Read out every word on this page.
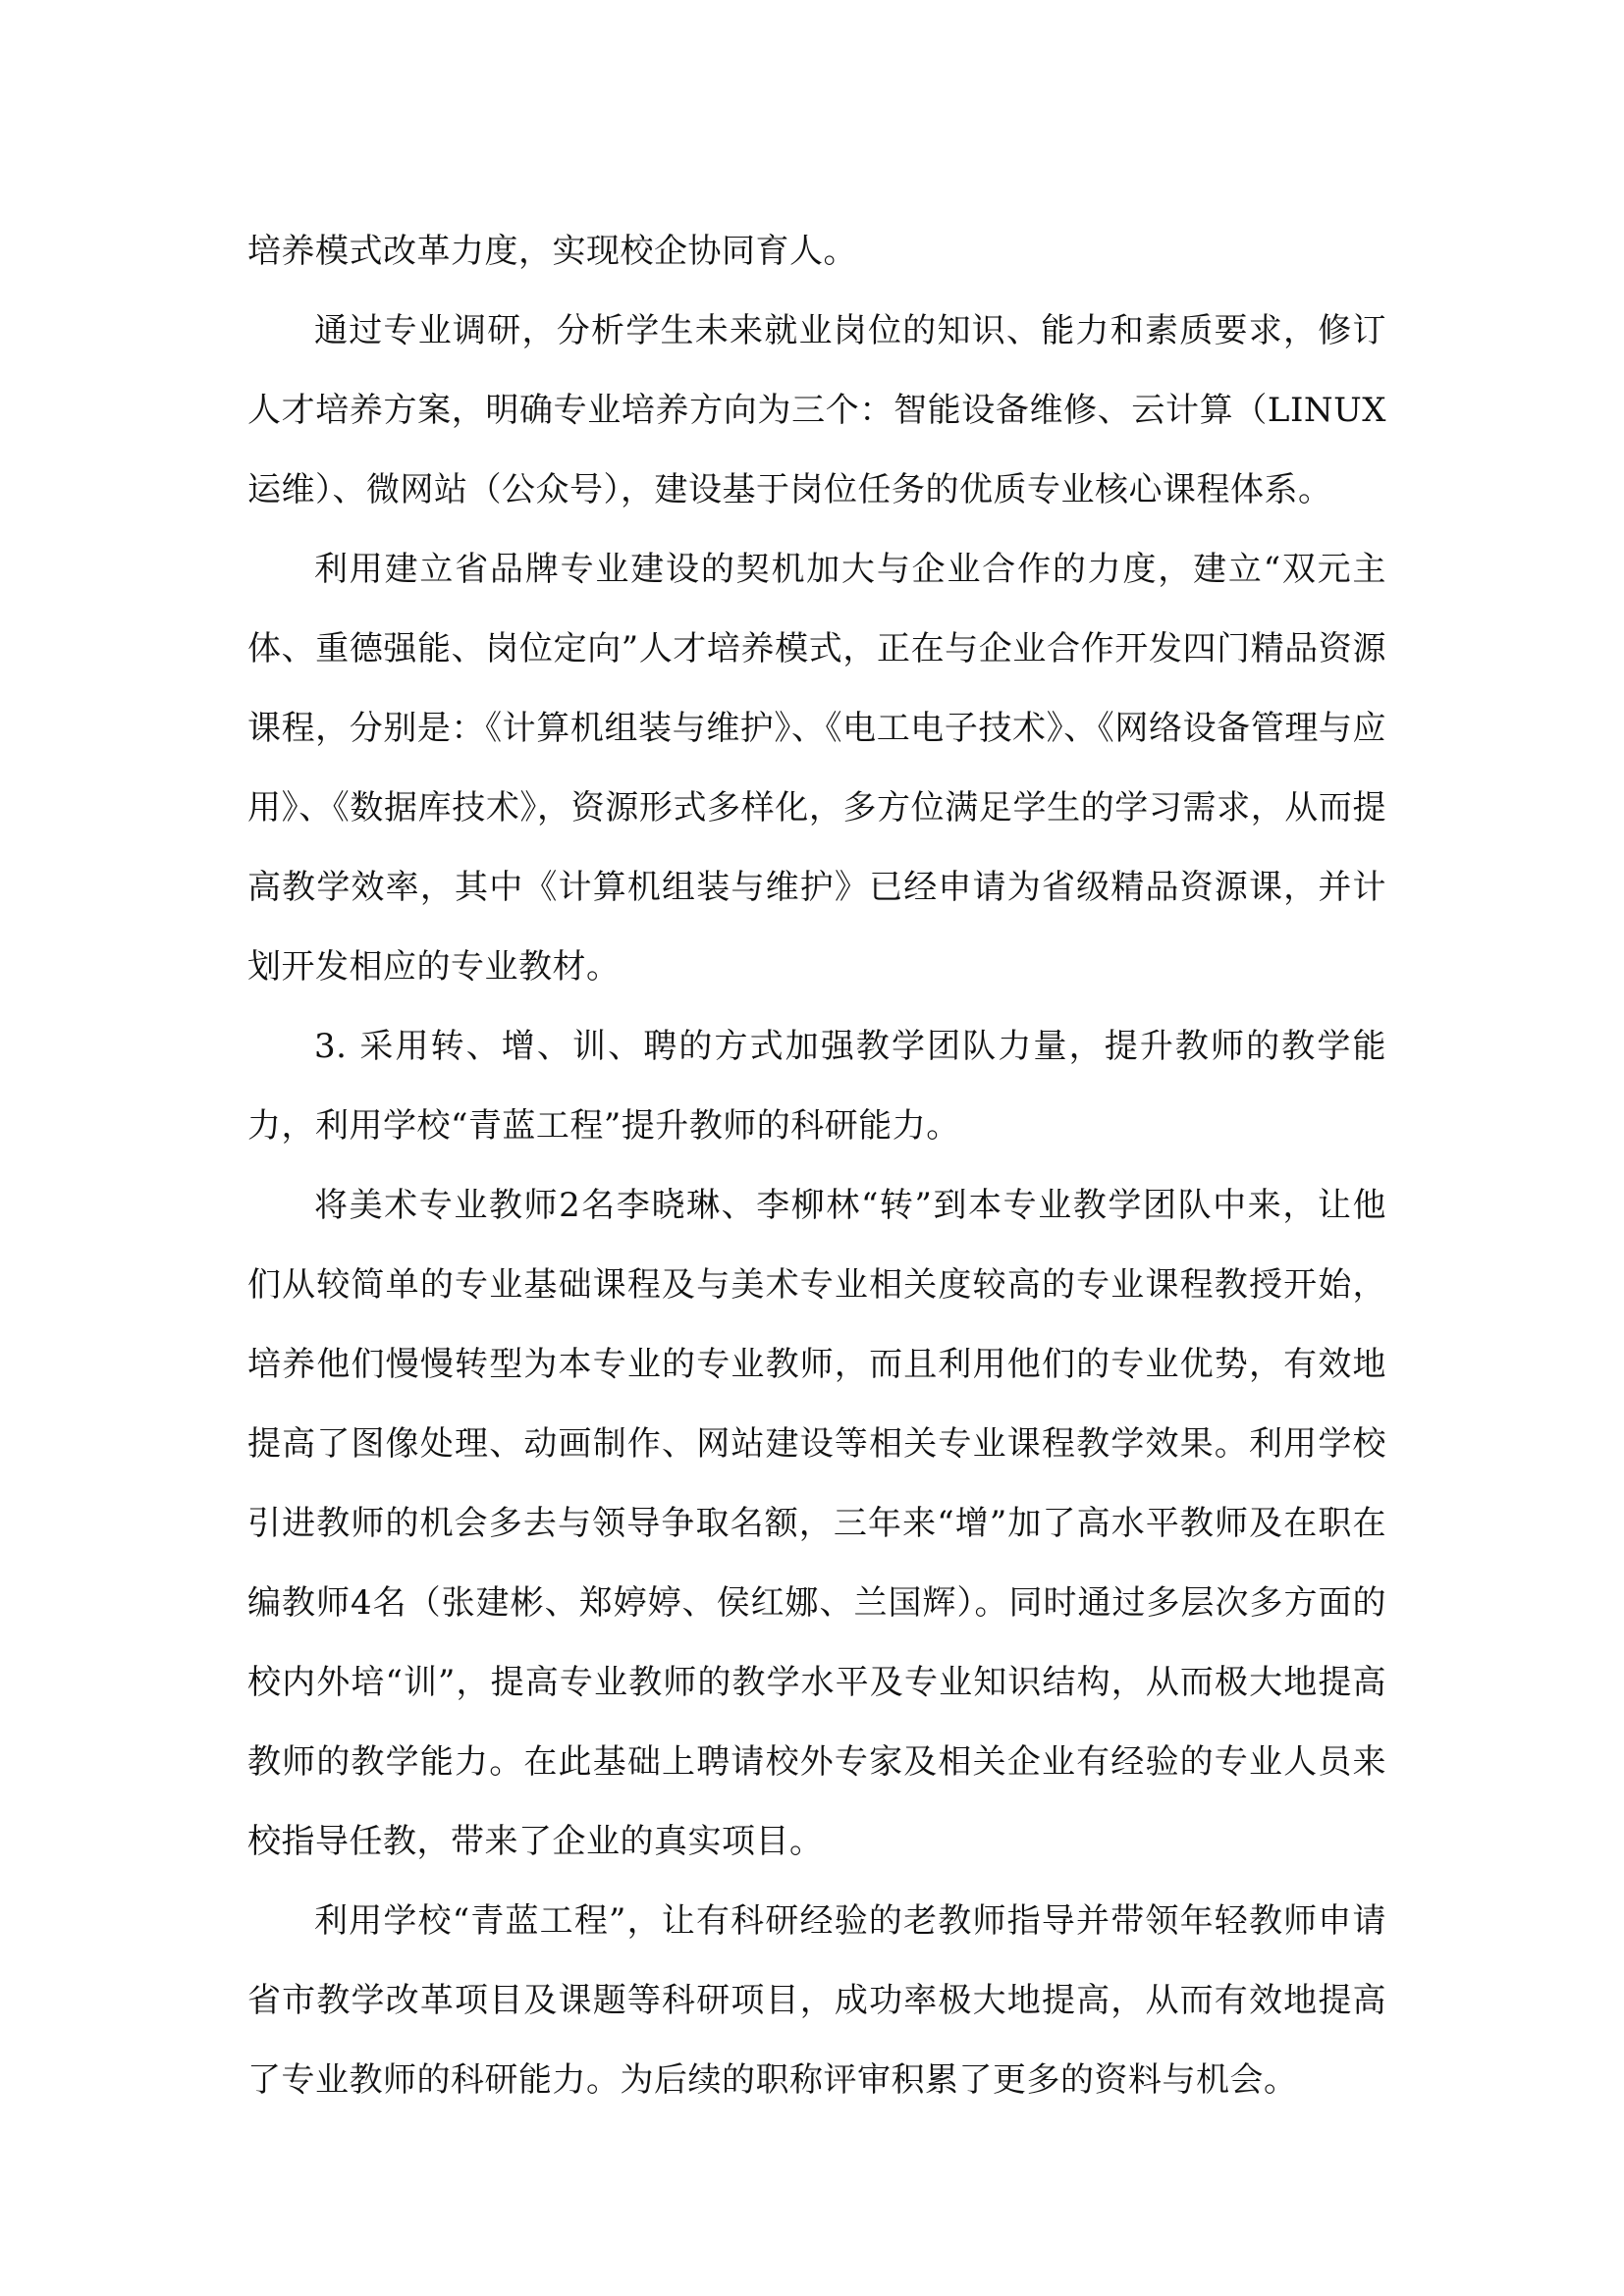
培养模式改革力度，实现校企协同育人。

通过专业调研，分析学生未来就业岗位的知识、能力和素质要求，修订人才培养方案，明确专业培养方向为三个：智能设备维修、云计算（LINUX运维）、微网站（公众号），建设基于岗位任务的优质专业核心课程体系。

利用建立省品牌专业建设的契机加大与企业合作的力度，建立“双元主体、重德强能、岗位定向”人才培养模式，正在与企业合作开发四门精品资源课程，分别是：《计算机组装与维护》、《电工电子技术》、《网络设备管理与应用》、《数据库技术》，资源形式多样化，多方位满足学生的学习需求，从而提高教学效率，其中《计算机组装与维护》已经申请为省级精品资源课，并计划开发相应的专业教材。

3. 采用转、增、训、聘的方式加强教学团队力量，提升教师的教学能力，利用学校“青蓝工程”提升教师的科研能力。

将美术专业教师2名李晓琳、李柳林“转”到本专业教学团队中来，让他们从较简单的专业基础课程及与美术专业相关度较高的专业课程教授开始，培养他们慢慢转型为本专业的专业教师，而且利用他们的专业优势，有效地提高了图像处理、动画制作、网站建设等相关专业课程教学效果。利用学校引进教师的机会多去与领导争取名额，三年来“增”加了高水平教师及在职在编教师4名（张建彬、郑婷婷、侯红娜、兰国辉）。同时通过多层次多方面的校内外培“训”，提高专业教师的教学水平及专业知识结构，从而极大地提高教师的教学能力。在此基础上聘请校外专家及相关企业有经验的专业人员来校指导任教，带来了企业的真实项目。

利用学校“青蓝工程”，让有科研经验的老教师指导并带领年轻教师申请省市教学改革项目及课题等科研项目，成功率极大地提高，从而有效地提高了专业教师的科研能力。为后续的职称评审积累了更多的资料与机会。
